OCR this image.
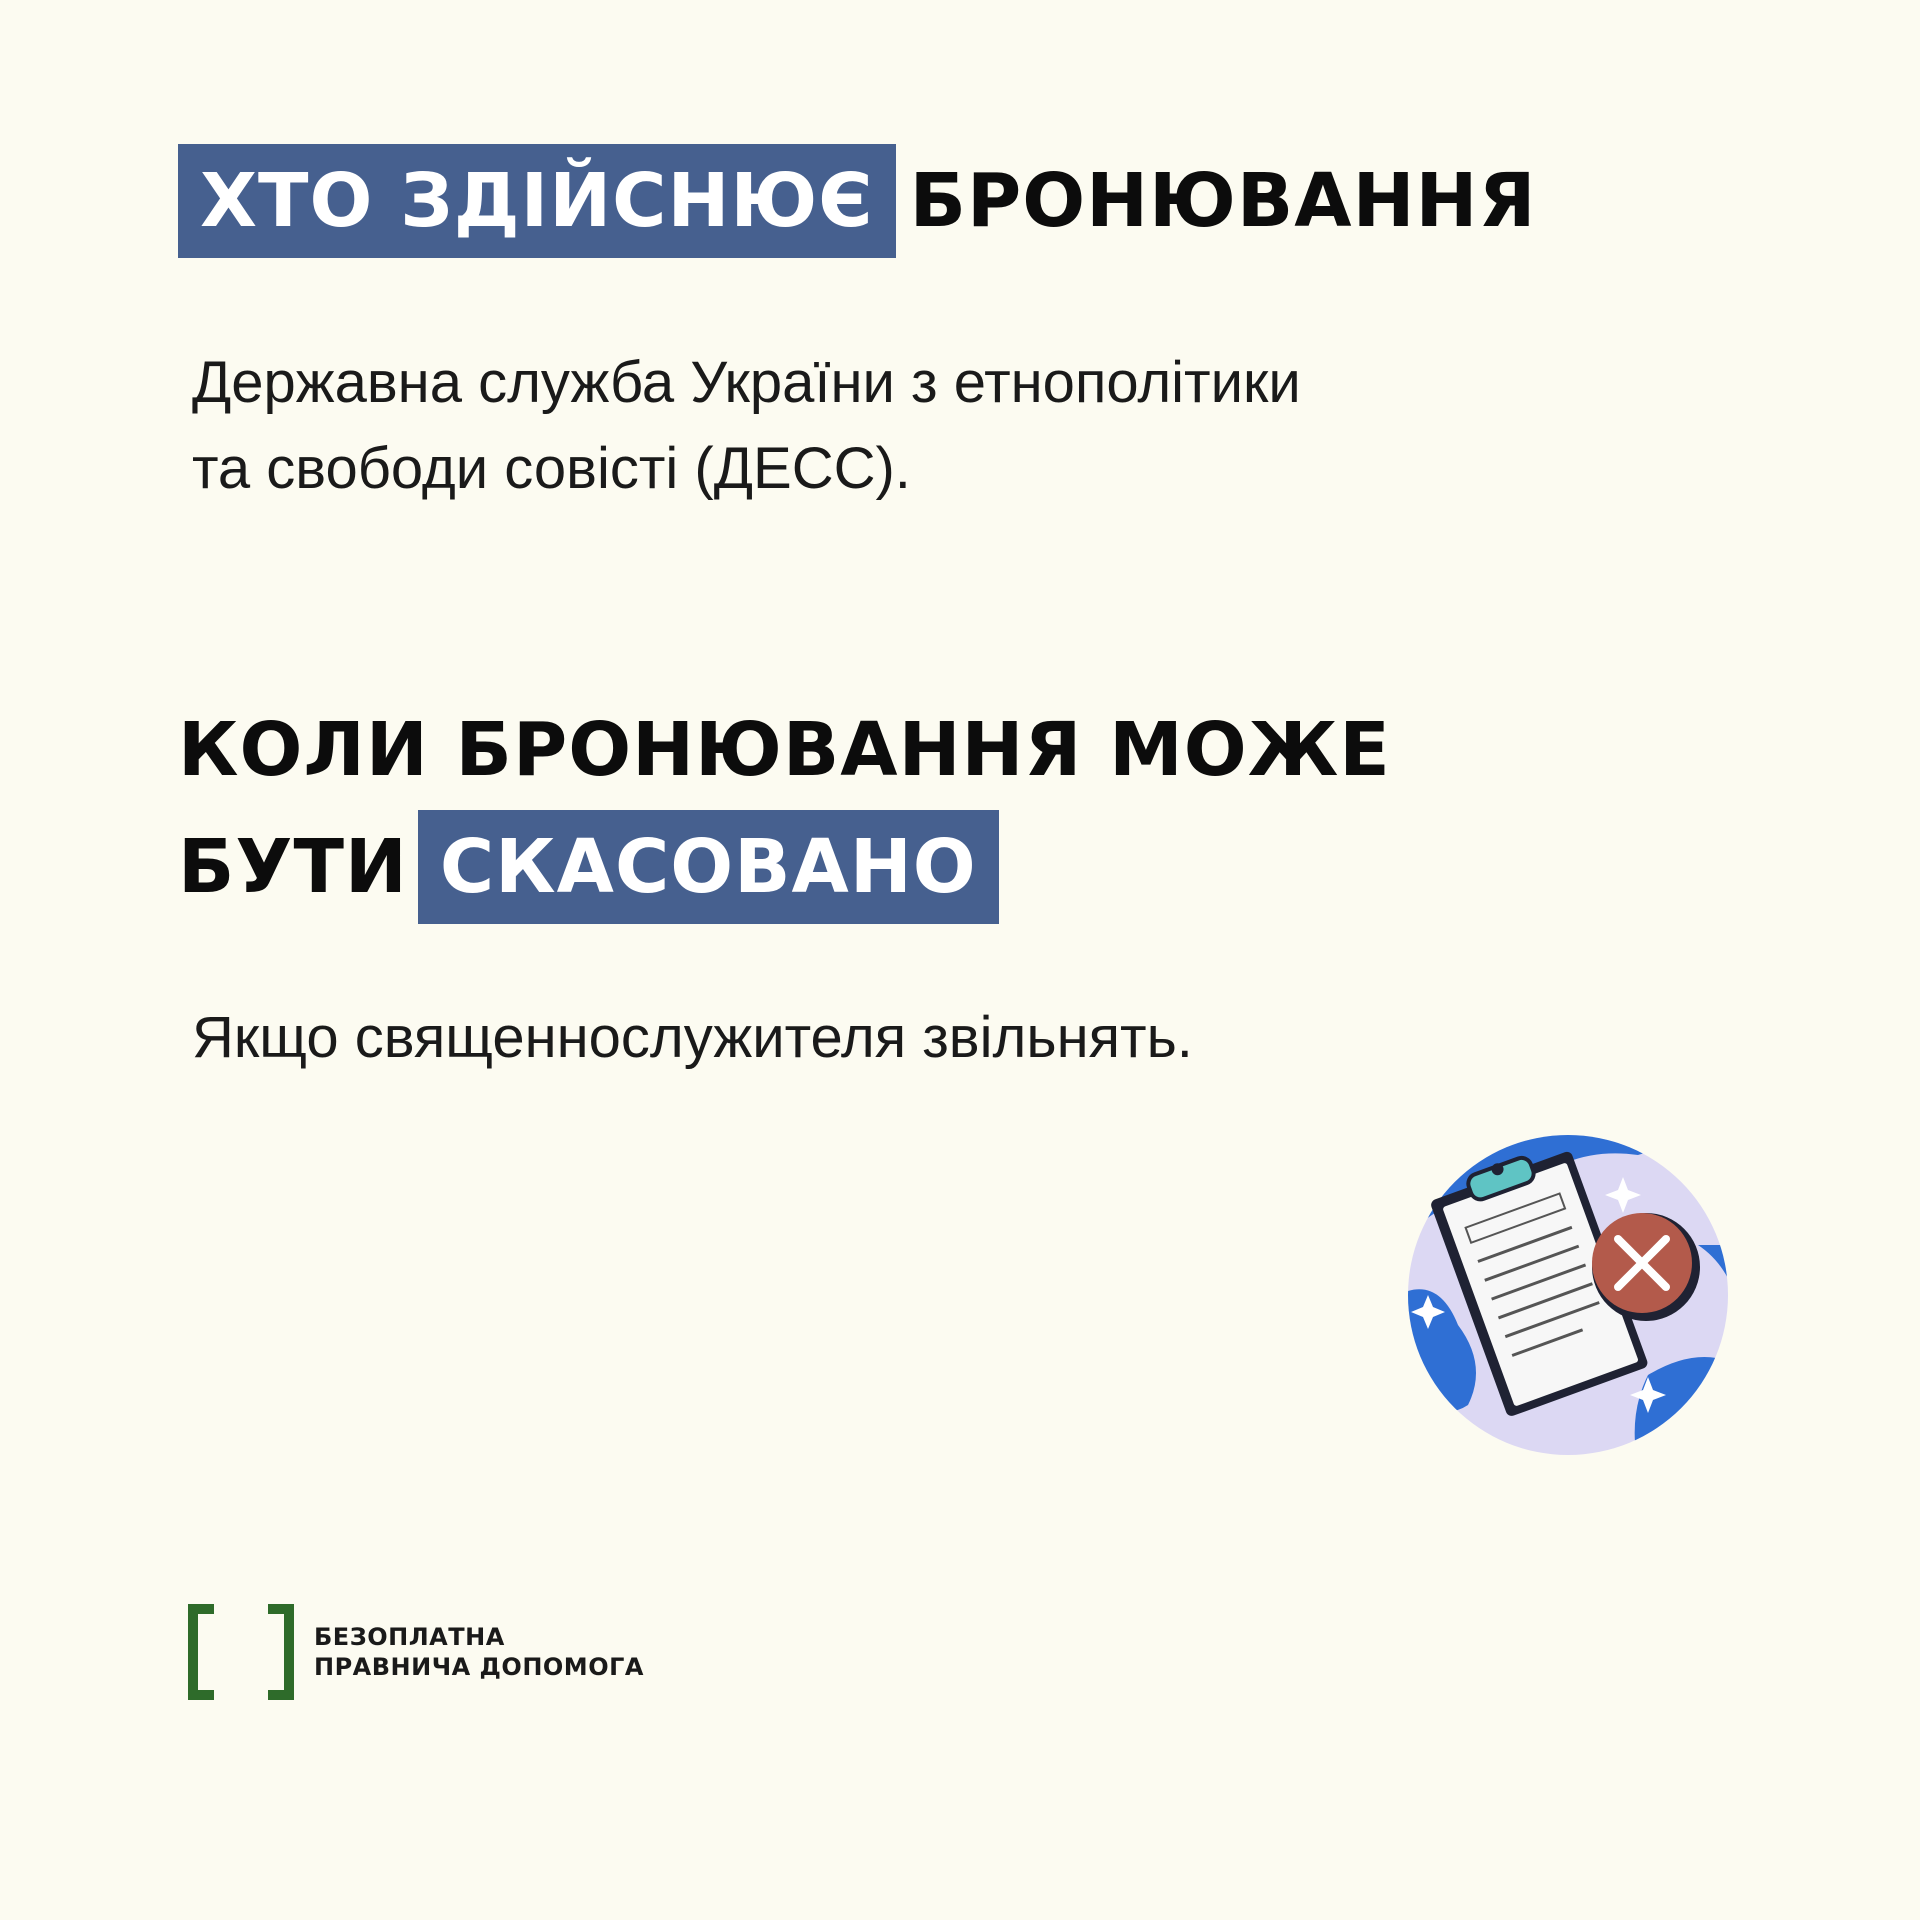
ХТО ЗДІЙСНЮЄ БРОНЮВАННЯ

Державна служба України з етнополітики
та свободи совісті (ДЕСС).

КОЛИ БРОНЮВАННЯ МОЖЕ
БУТИ СКАСОВАНО

Якщо священнослужителя звільнять.

БЕЗОПЛАТНА
ПРАВНИЧА ДОПОМОГА
